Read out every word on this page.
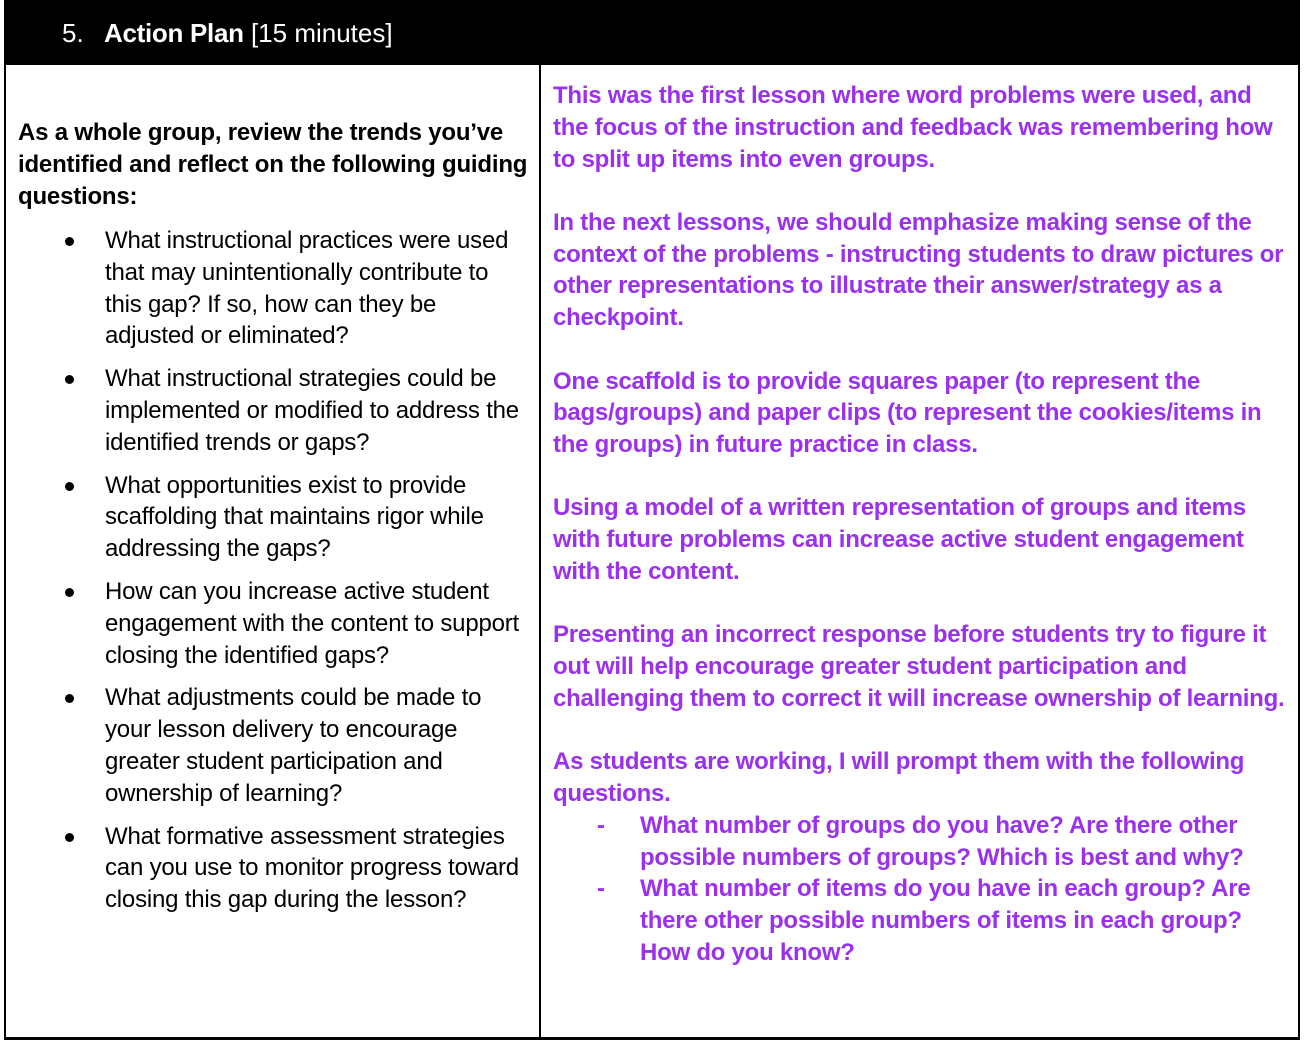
5. Action Plan [15 minutes]

As a whole group, review the trends you’ve identified and reflect on the following guiding questions:

What instructional practices were used that may unintentionally contribute to this gap? If so, how can they be adjusted or eliminated?
What instructional strategies could be implemented or modified to address the identified trends or gaps?
What opportunities exist to provide scaffolding that maintains rigor while addressing the gaps?
How can you increase active student engagement with the content to support closing the identified gaps?
What adjustments could be made to your lesson delivery to encourage greater student participation and ownership of learning?
What formative assessment strategies can you use to monitor progress toward closing this gap during the lesson?

This was the first lesson where word problems were used, and the focus of the instruction and feedback was remembering how to split up items into even groups.

In the next lessons, we should emphasize making sense of the context of the problems - instructing students to draw pictures or other representations to illustrate their answer/strategy as a checkpoint.

One scaffold is to provide squares paper (to represent the bags/groups) and paper clips (to represent the cookies/items in the groups) in future practice in class.

Using a model of a written representation of groups and items with future problems can increase active student engagement with the content.

Presenting an incorrect response before students try to figure it out will help encourage greater student participation and challenging them to correct it will increase ownership of learning.

As students are working, I will prompt them with the following questions.

- What number of groups do you have? Are there other possible numbers of groups? Which is best and why?
- What number of items do you have in each group? Are there other possible numbers of items in each group? How do you know?
